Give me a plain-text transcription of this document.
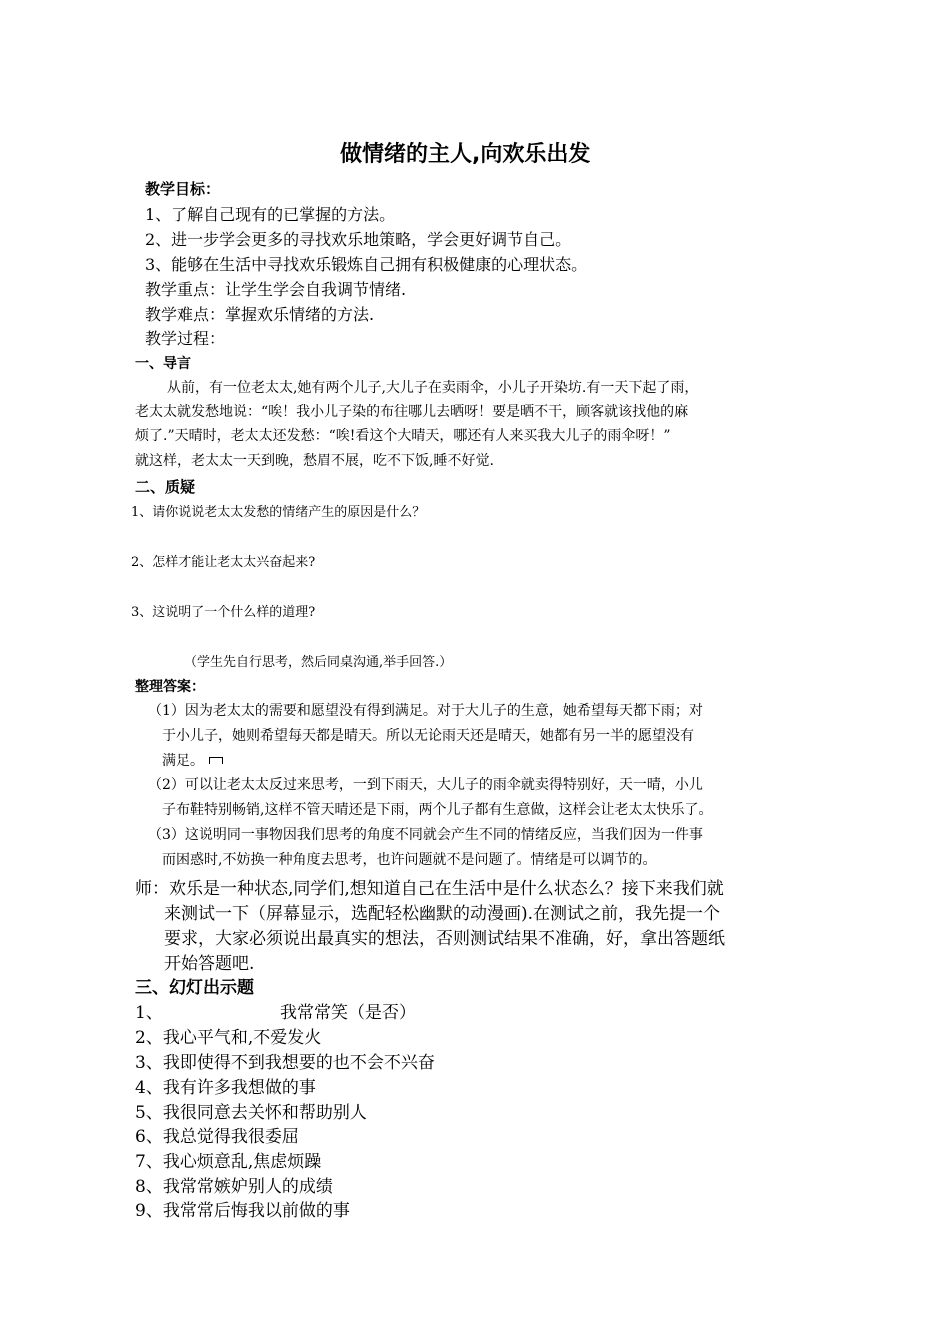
做情绪的主人,向欢乐出发
教学目标：
1、了解自己现有的已掌握的方法。
2、进一步学会更多的寻找欢乐地策略，学会更好调节自己。
3、能够在生活中寻找欢乐锻炼自己拥有积极健康的心理状态。
教学重点：让学生学会自我调节情绪.
教学难点：掌握欢乐情绪的方法.
教学过程：
一、导言
从前，有一位老太太,她有两个儿子,大儿子在卖雨伞，小儿子开染坊.有一天下起了雨，
老太太就发愁地说：“唉！我小儿子染的布往哪儿去晒呀！要是晒不干，顾客就该找他的麻
烦了.”天晴时，老太太还发愁：“唉!看这个大晴天，哪还有人来买我大儿子的雨伞呀！”
就这样，老太太一天到晚，愁眉不展，吃不下饭,睡不好觉.
二、质疑
1、请你说说老太太发愁的情绪产生的原因是什么？
2、怎样才能让老太太兴奋起来?
3、这说明了一个什么样的道理?
（学生先自行思考，然后同桌沟通,举手回答.）
整理答案：
（1）因为老太太的需要和愿望没有得到满足。对于大儿子的生意，她希望每天都下雨；对
于小儿子，她则希望每天都是晴天。所以无论雨天还是晴天，她都有另一半的愿望没有
满足。
（2）可以让老太太反过来思考，一到下雨天，大儿子的雨伞就卖得特别好，天一晴，小儿
子布鞋特别畅销,这样不管天晴还是下雨，两个儿子都有生意做，这样会让老太太快乐了。
（3）这说明同一事物因我们思考的角度不同就会产生不同的情绪反应，当我们因为一件事
而困惑时,不妨换一种角度去思考，也许问题就不是问题了。情绪是可以调节的。
师：欢乐是一种状态,同学们,想知道自己在生活中是什么状态么？接下来我们就
来测试一下（屏幕显示，选配轻松幽默的动漫画).在测试之前，我先提一个
要求，大家必须说出最真实的想法，否则测试结果不准确，好，拿出答题纸
开始答题吧.
三、幻灯出示题
1、	我常常笑（是否）
2、我心平气和,不爱发火
3、我即使得不到我想要的也不会不兴奋
4、我有许多我想做的事
5、我很同意去关怀和帮助别人
6、我总觉得我很委屈
7、我心烦意乱,焦虑烦躁
8、我常常嫉妒别人的成绩
9、我常常后悔我以前做的事
